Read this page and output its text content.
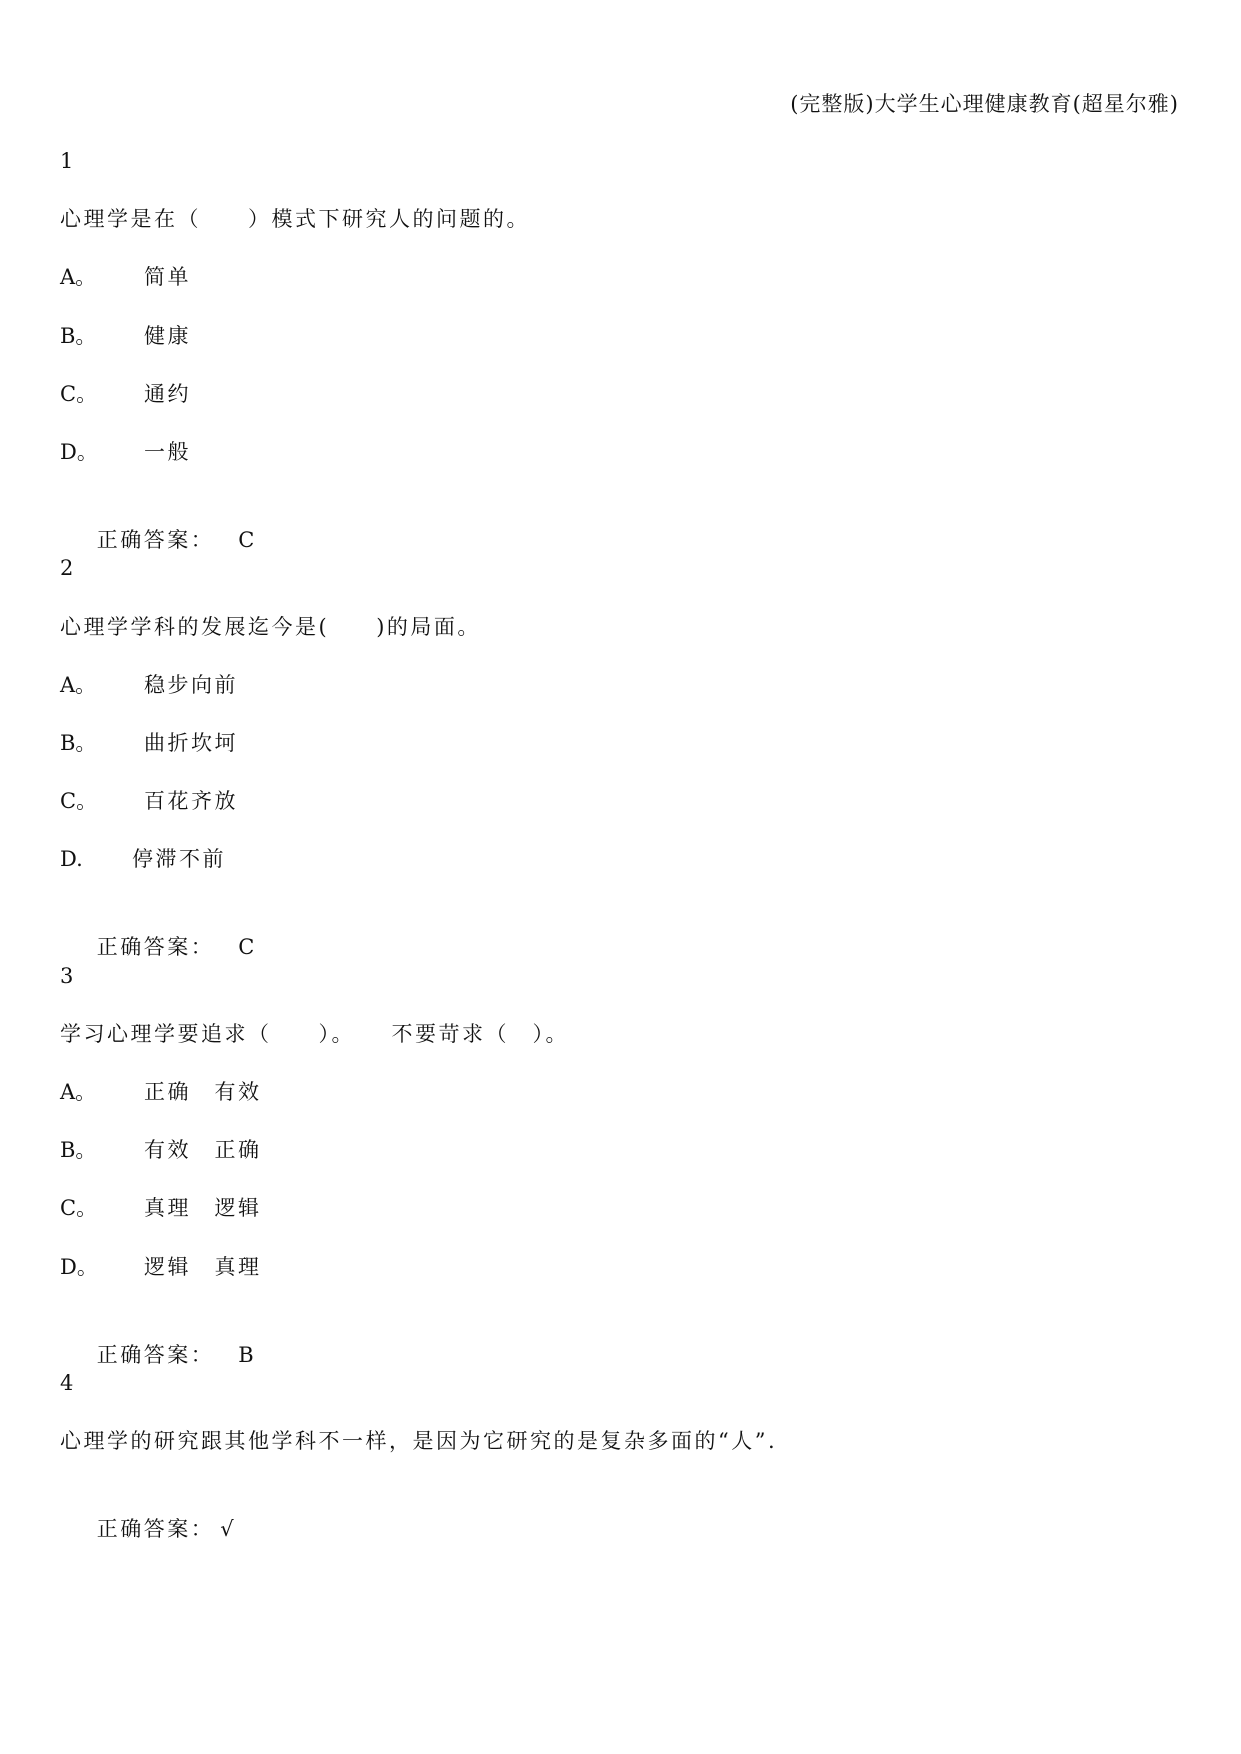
(完整版)大学生心理健康教育(超星尔雅)
1
心理学是在（　　）模式下研究人的问题的。
A。	简单
B。	健康
C。	通约
D。	一般

正确答案： C

2
心理学学科的发展迄今是(　　)的局面。
A。	稳步向前
B。	曲折坎坷
C。	百花齐放
D.	停滞不前

正确答案： C

3
学习心理学要追求（　　）。　　不要苛求（　）。
A。	正确　有效
B。	有效　正确
C。	真理　逻辑
D。	逻辑　真理

正确答案： B

4
心理学的研究跟其他学科不一样，是因为它研究的是复杂多面的“人”.

正确答案： √
